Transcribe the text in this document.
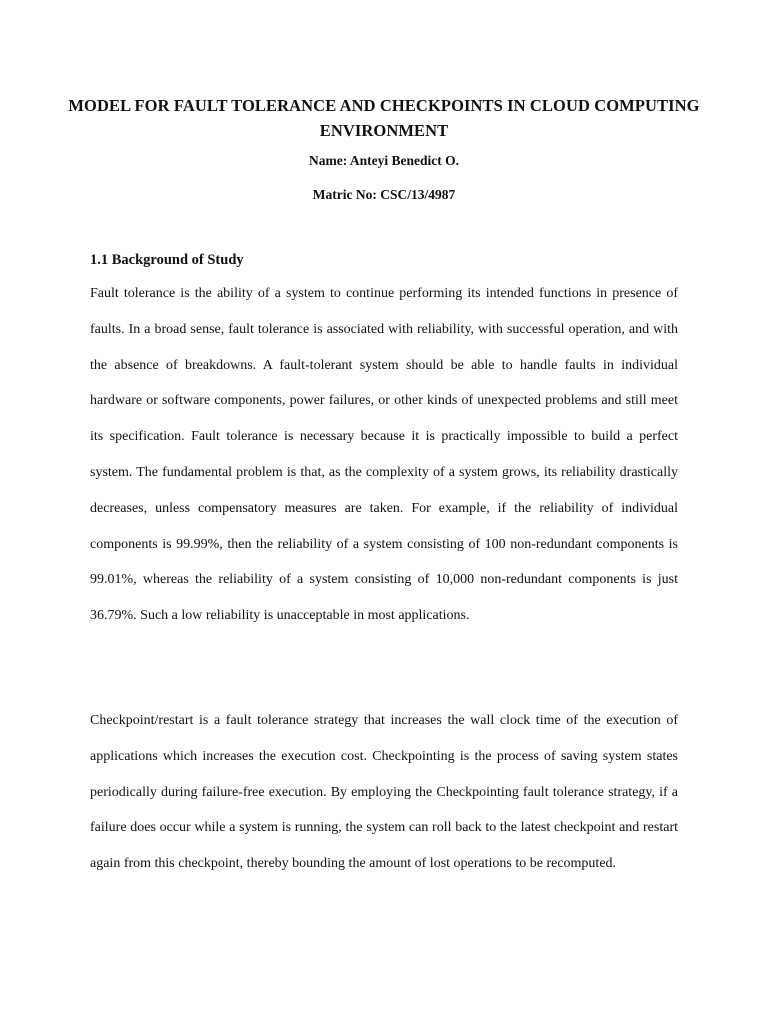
MODEL FOR FAULT TOLERANCE AND CHECKPOINTS IN CLOUD COMPUTING ENVIRONMENT

Name: Anteyi Benedict O.

Matric No: CSC/13/4987

1.1 Background of Study

Fault tolerance is the ability of a system to continue performing its intended functions in presence of faults. In a broad sense, fault tolerance is associated with reliability, with successful operation, and with the absence of breakdowns. A fault-tolerant system should be able to handle faults in individual hardware or software components, power failures, or other kinds of unexpected problems and still meet its specification. Fault tolerance is necessary because it is practically impossible to build a perfect system. The fundamental problem is that, as the complexity of a system grows, its reliability drastically decreases, unless compensatory measures are taken. For example, if the reliability of individual components is 99.99%, then the reliability of a system consisting of 100 non-redundant components is 99.01%, whereas the reliability of a system consisting of 10,000 non-redundant components is just 36.79%. Such a low reliability is unacceptable in most applications.

Checkpoint/restart is a fault tolerance strategy that increases the wall clock time of the execution of applications which increases the execution cost. Checkpointing is the process of saving system states periodically during failure-free execution. By employing the Checkpointing fault tolerance strategy, if a failure does occur while a system is running, the system can roll back to the latest checkpoint and restart again from this checkpoint, thereby bounding the amount of lost operations to be recomputed.
